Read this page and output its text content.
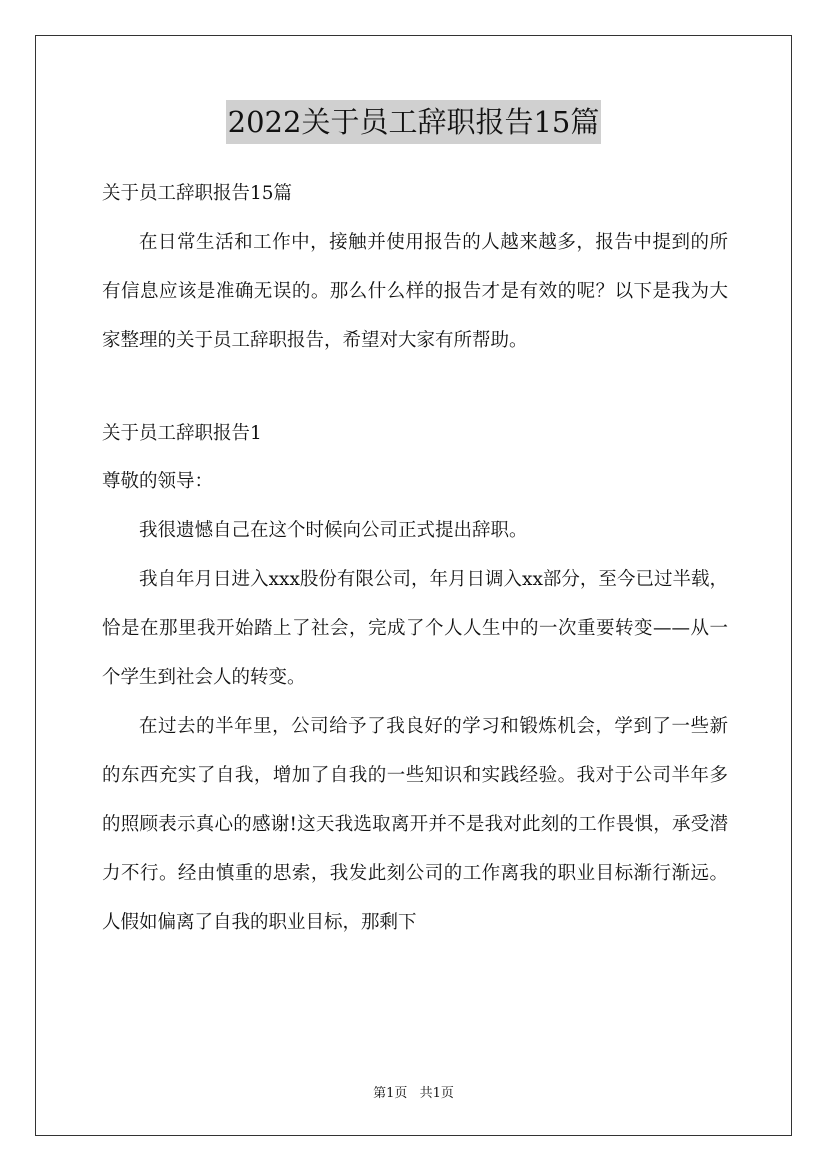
2022关于员工辞职报告15篇
关于员工辞职报告15篇
在日常生活和工作中，接触并使用报告的人越来越多，报告中提到的所有信息应该是准确无误的。那么什么样的报告才是有效的呢？以下是我为大家整理的关于员工辞职报告，希望对大家有所帮助。
关于员工辞职报告1
尊敬的领导：
我很遗憾自己在这个时候向公司正式提出辞职。
我自年月日进入xxx股份有限公司，年月日调入xx部分，至今已过半载，恰是在那里我开始踏上了社会，完成了个人人生中的一次重要转变——从一个学生到社会人的转变。
在过去的半年里，公司给予了我良好的学习和锻炼机会，学到了一些新的东西充实了自我，增加了自我的一些知识和实践经验。我对于公司半年多的照顾表示真心的感谢!这天我选取离开并不是我对此刻的工作畏惧，承受潜力不行。经由慎重的思索，我发此刻公司的工作离我的职业目标渐行渐远。人假如偏离了自我的职业目标，那剩下
第1页 共1页
